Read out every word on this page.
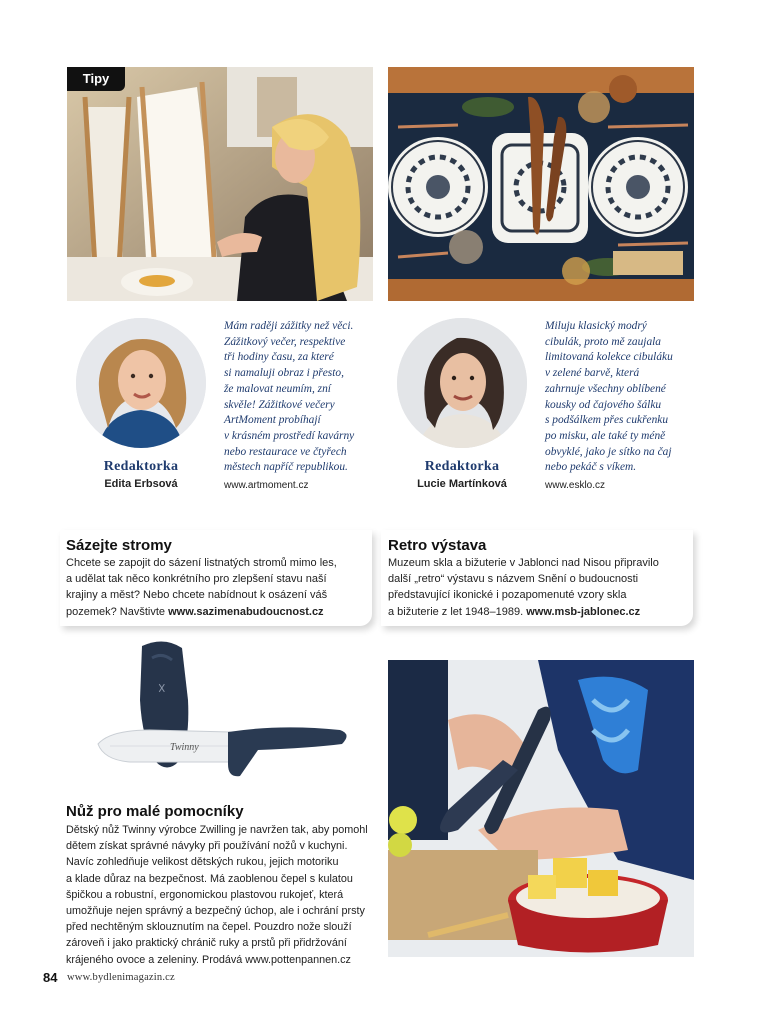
Tipy
Redaktorka
Edita Erbsová
Mám raději zážitky než věci.
Zážitkový večer, respektive
tři hodiny času, za které
si namaluji obraz i přesto,
že malovat neumím, zní
skvěle! Zážitkové večery
ArtMoment probíhají
v krásném prostředí kavárny
nebo restaurace ve čtyřech
městech napříč republikou.
www.artmoment.cz
Redaktorka
Lucie Martínková
Miluju klasický modrý
cibulák, proto mě zaujala
limitovaná kolekce cibuláku
v zelené barvě, která
zahrnuje všechny oblíbené
kousky od čajového šálku
s podšálkem přes cukřenku
po misku, ale také ty méně
obvyklé, jako je sítko na čaj
nebo pekáč s víkem.
www.esklo.cz
Sázejte stromy
Chcete se zapojit do sázení listnatých stromů mimo les,
a udělat tak něco konkrétního pro zlepšení stavu naší
krajiny a měst? Nebo chcete nabídnout k osázení váš
pozemek? Navštivte www.sazimenabudoucnost.cz
Retro výstava
Muzeum skla a bižuterie v Jablonci nad Nisou připravilo
další „retro“ výstavu s názvem Snění o budoucnosti
představující ikonické i pozapomenuté vzory skla
a bižuterie z let 1948–1989. www.msb-jablonec.cz
𐌗
Twinny
Nůž pro malé pomocníky
Dětský nůž Twinny výrobce Zwilling je navržen tak, aby pomohl
dětem získat správné návyky při používání nožů v kuchyni.
Navíc zohledňuje velikost dětských rukou, jejich motoriku
a klade důraz na bezpečnost. Má zaoblenou čepel s kulatou
špičkou a robustní, ergonomickou plastovou rukojeť, která
umožňuje nejen správný a bezpečný úchop, ale i ochrání prsty
před nechtěným sklouznutím na čepel. Pouzdro nože slouží
zároveň i jako praktický chránič ruky a prstů při přidržování
krájeného ovoce a zeleniny. Prodává www.pottenpannen.cz
84 www.bydlenimagazin.cz
